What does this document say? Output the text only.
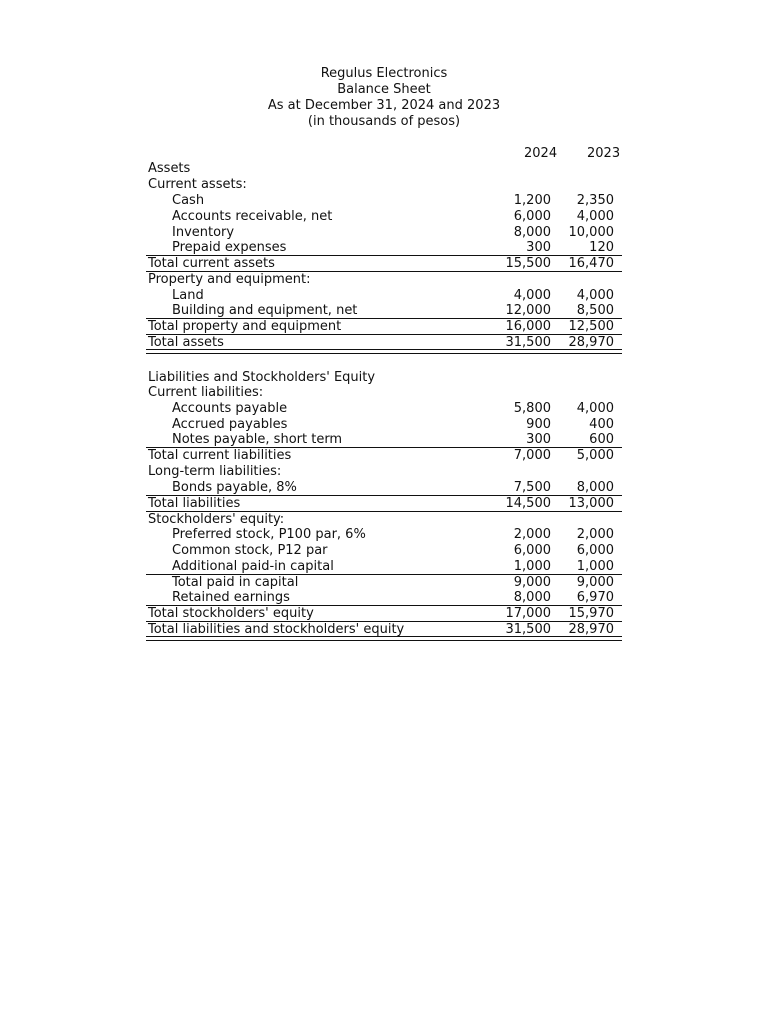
Regulus Electronics
Balance Sheet
As at December 31, 2024 and 2023
(in thousands of pesos)
2024 2023
Assets
Current assets:
Cash	1,200 2,350
Accounts receivable, net	6,000 4,000
Inventory	8,000 10,000
Prepaid expenses	300	120
Total current assets	15,500 16,470
Property and equipment:
Land	4,000 4,000
Building and equipment, net	12,000 8,500
Total property and equipment	16,000 12,500
Total assets	31,500 28,970
Liabilities and Stockholders' Equity
Current liabilities:
Accounts payable	5,800 4,000
Accrued payables	900	400
Notes payable, short term	300	600
Total current liabilities	7,000 5,000
Long-term liabilities:
Bonds payable, 8%	7,500 8,000
Total liabilities	14,500 13,000
Stockholders' equity:
Preferred stock, P100 par, 6%	2,000 2,000
Common stock, P12 par	6,000 6,000
Additional paid-in capital	1,000 1,000
Total paid in capital	9,000 9,000
Retained earnings	8,000 6,970
Total stockholders' equity	17,000 15,970
Total liabilities and stockholders' equity	31,500 28,970
